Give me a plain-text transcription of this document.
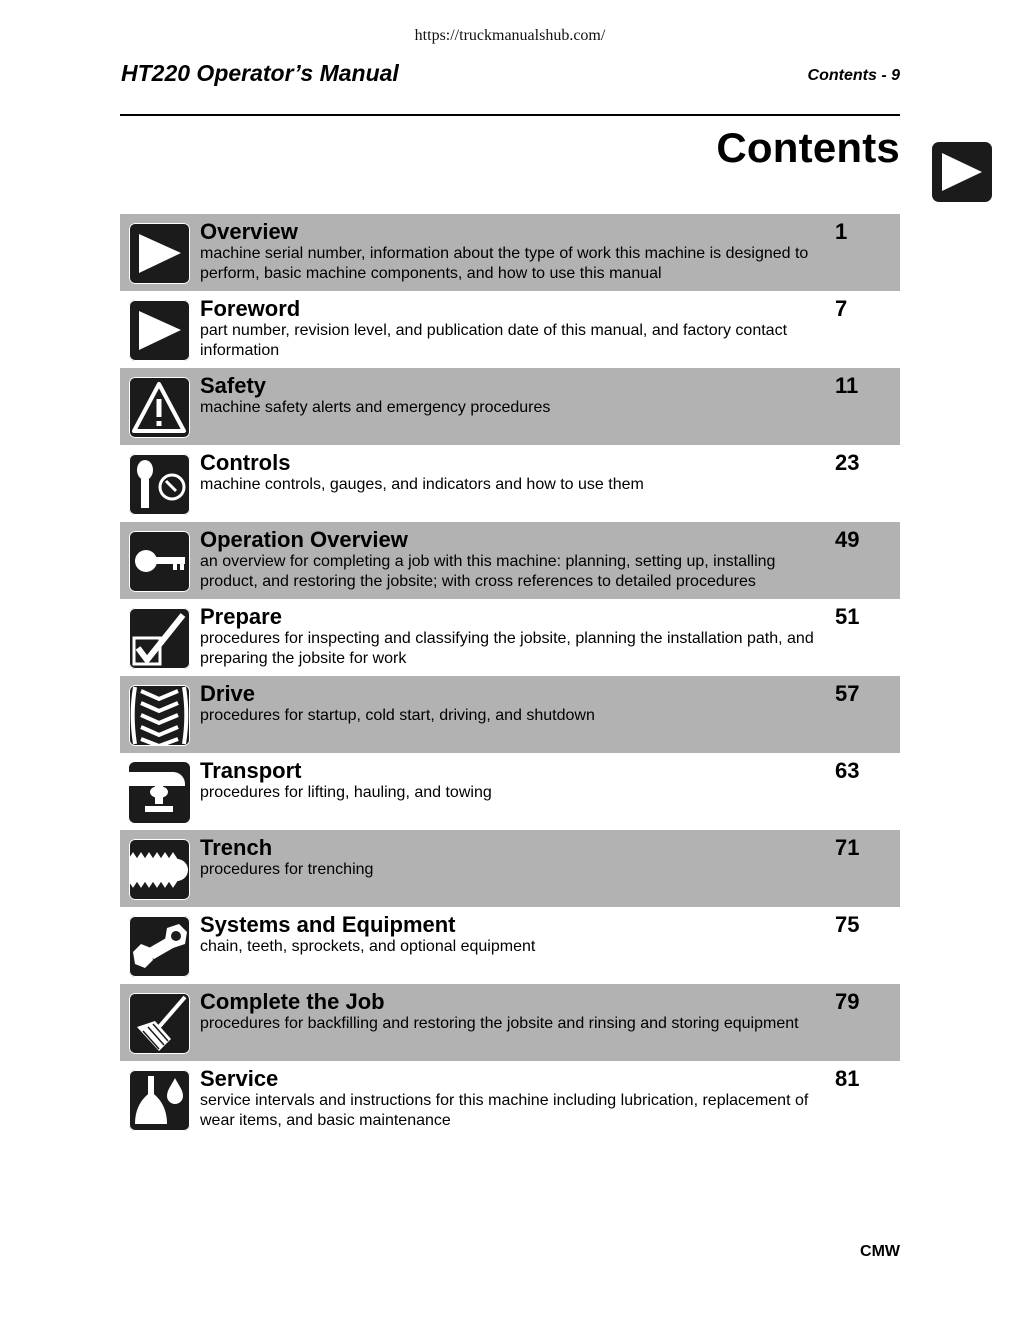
https://truckmanualshub.com/
HT220 Operator’s Manual	Contents - 9
Contents
Overview
machine serial number, information about the type of work this machine is designed to perform, basic machine components, and how to use this manual
1
Foreword
part number, revision level, and publication date of this manual, and factory contact information
7
Safety
machine safety alerts and emergency procedures
11
Controls
machine controls, gauges, and indicators and how to use them
23
Operation Overview
an overview for completing a job with this machine: planning, setting up, installing product, and restoring the jobsite; with cross references to detailed procedures
49
Prepare
procedures for inspecting and classifying the jobsite, planning the installation path, and preparing the jobsite for work
51
Drive
procedures for startup, cold start, driving, and shutdown
57
Transport
procedures for lifting, hauling, and towing
63
Trench
procedures for trenching
71
Systems and Equipment
chain, teeth, sprockets, and optional equipment
75
Complete the Job
procedures for backfilling and restoring the jobsite and rinsing and storing equipment
79
Service
service intervals and instructions for this machine including lubrication, replacement of wear items, and basic maintenance
81
CMW
